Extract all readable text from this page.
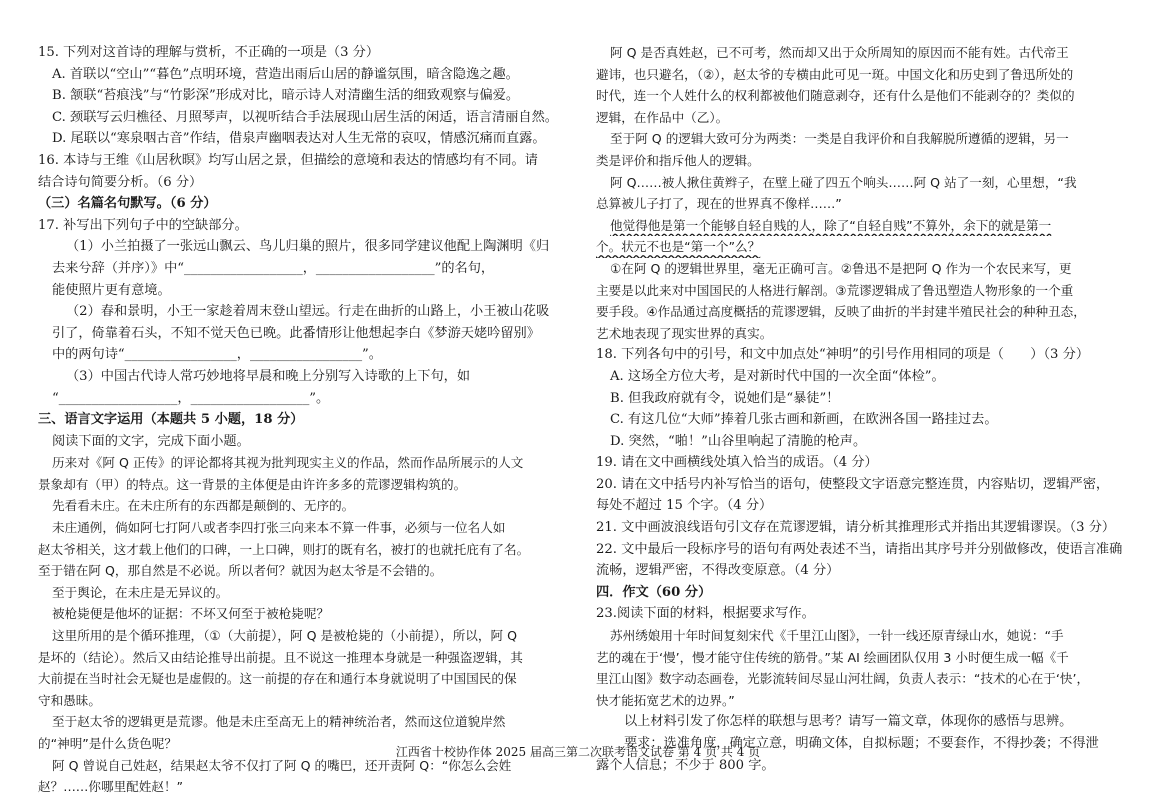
15. 下列对这首诗的理解与赏析，不正确的一项是（3 分）
A. 首联以“空山”“暮色”点明环境，营造出雨后山居的静谧氛围，暗含隐逸之趣。
B. 颔联“苔痕浅”与“竹影深”形成对比，暗示诗人对清幽生活的细致观察与偏爱。
C. 颈联写云归樵径、月照琴声，以视听结合手法展现山居生活的闲适，语言清丽自然。
D. 尾联以“寒泉咽古音”作结，借泉声幽咽表达对人生无常的哀叹，情感沉痛而直露。
16. 本诗与王维《山居秋暝》均写山居之景，但描绘的意境和表达的情感均有不同。请
结合诗句简要分析。（6 分）
（三）名篇名句默写。（6 分）
17. 补写出下列句子中的空缺部分。
（1）小兰拍摄了一张远山飘云、鸟儿归巢的照片，很多同学建议他配上陶渊明《归
去来兮辞（并序）》中“__________________，__________________”的名句，
能使照片更有意境。
（2）春和景明，小王一家趁着周末登山望远。行走在曲折的山路上，小王被山花吸
引了，倚靠着石头，不知不觉天色已晚。此番情形让他想起李白《梦游天姥吟留别》
中的两句诗“_________________，_________________”。
（3）中国古代诗人常巧妙地将早晨和晚上分别写入诗歌的上下句，如
“__________________，__________________”。
三、语言文字运用（本题共 5 小题，18 分）
阅读下面的文字，完成下面小题。
历来对《阿 Q 正传》的评论都将其视为批判现实主义的作品，然而作品所展示的人文
景象却有（甲）的特点。这一背景的主体便是由许许多多的荒谬逻辑构筑的。
先看看未庄。在未庄所有的东西都是颠倒的、无序的。
未庄通例，倘如阿七打阿八或者李四打张三向来本不算一件事，必须与一位名人如
赵太爷相关，这才载上他们的口碑，一上口碑，则打的既有名，被打的也就托庇有了名。
至于错在阿 Q，那自然是不必说。所以者何？就因为赵太爷是不会错的。
至于舆论，在未庄是无异议的。
被枪毙便是他坏的证据：不坏又何至于被枪毙呢？
这里所用的是个循环推理，（①（大前提），阿 Q 是被枪毙的（小前提），所以，阿 Q
是坏的（结论）。然后又由结论推导出前提。且不说这一推理本身就是一种强盗逻辑，其
大前提在当时社会无疑也是虚假的。这一前提的存在和通行本身就说明了中国国民的保
守和愚昧。
至于赵太爷的逻辑更是荒谬。他是未庄至高无上的精神统治者，然而这位道貌岸然
的“神明”是什么货色呢？
阿 Q 曾说自己姓赵，结果赵太爷不仅打了阿 Q 的嘴巴，还开责阿 Q：“你怎么会姓
赵？……你哪里配姓赵！”
阿 Q 是否真姓赵，已不可考，然而却又出于众所周知的原因而不能有姓。古代帝王
避讳，也只避名，（②），赵太爷的专横由此可见一斑。中国文化和历史到了鲁迅所处的
时代，连一个人姓什么的权利都被他们随意剥夺，还有什么是他们不能剥夺的？类似的
逻辑，在作品中（乙）。
至于阿 Q 的逻辑大致可分为两类：一类是自我评价和自我解脱所遵循的逻辑，另一
类是评价和指斥他人的逻辑。
阿 Q……被人揪住黄辫子，在壁上碰了四五个响头……阿 Q 站了一刻，心里想，“我
总算被儿子打了，现在的世界真不像样……”
他觉得他是第一个能够自轻自贱的人，除了“自轻自贱”不算外，余下的就是第一
个。状元不也是“第一个”么？
①在阿 Q 的逻辑世界里，毫无正确可言。②鲁迅不是把阿 Q 作为一个农民来写，更
主要是以此来对中国国民的人格进行解剖。③荒谬逻辑成了鲁迅塑造人物形象的一个重
要手段。④作品通过高度概括的荒谬逻辑，反映了曲折的半封建半殖民社会的种种丑态，
艺术地表现了现实世界的真实。
18. 下列各句中的引号，和文中加点处“神明”的引号作用相同的项是（　　）（3 分）
A. 这场全方位大考，是对新时代中国的一次全面“体检”。
B. 但我政府就有令，说她们是“暴徒”！
C. 有这几位“大师”捧着几张古画和新画，在欧洲各国一路挂过去。
D. 突然，“啪！”山谷里响起了清脆的枪声。
19. 请在文中画横线处填入恰当的成语。（4 分）
20. 请在文中括号内补写恰当的语句，使整段文字语意完整连贯，内容贴切，逻辑严密，
每处不超过 15 个字。（4 分）
21. 文中画波浪线语句引文存在荒谬逻辑，请分析其推理形式并指出其逻辑谬误。（3 分）
22. 文中最后一段标序号的语句有两处表述不当，请指出其序号并分别做修改，使语言准确
流畅，逻辑严密，不得改变原意。（4 分）
四．作文（60 分）
23.阅读下面的材料，根据要求写作。
苏州绣娘用十年时间复刻宋代《千里江山图》，一针一线还原青绿山水，她说：“手
艺的魂在于‘慢’，慢才能守住传统的筋骨。”某 AI 绘画团队仅用 3 小时便生成一幅《千
里江山图》数字动态画卷，光影流转间尽显山河壮阔，负责人表示：“技术的心在于‘快’，
快才能拓宽艺术的边界。”
以上材料引发了你怎样的联想与思考？请写一篇文章，体现你的感悟与思辨。
要求：选准角度，确定立意，明确文体，自拟标题；不要套作，不得抄袭；不得泄
露个人信息；不少于 800 字。
江西省十校协作体 2025 届高三第二次联考语文试卷 第 4 页 共 4 页
